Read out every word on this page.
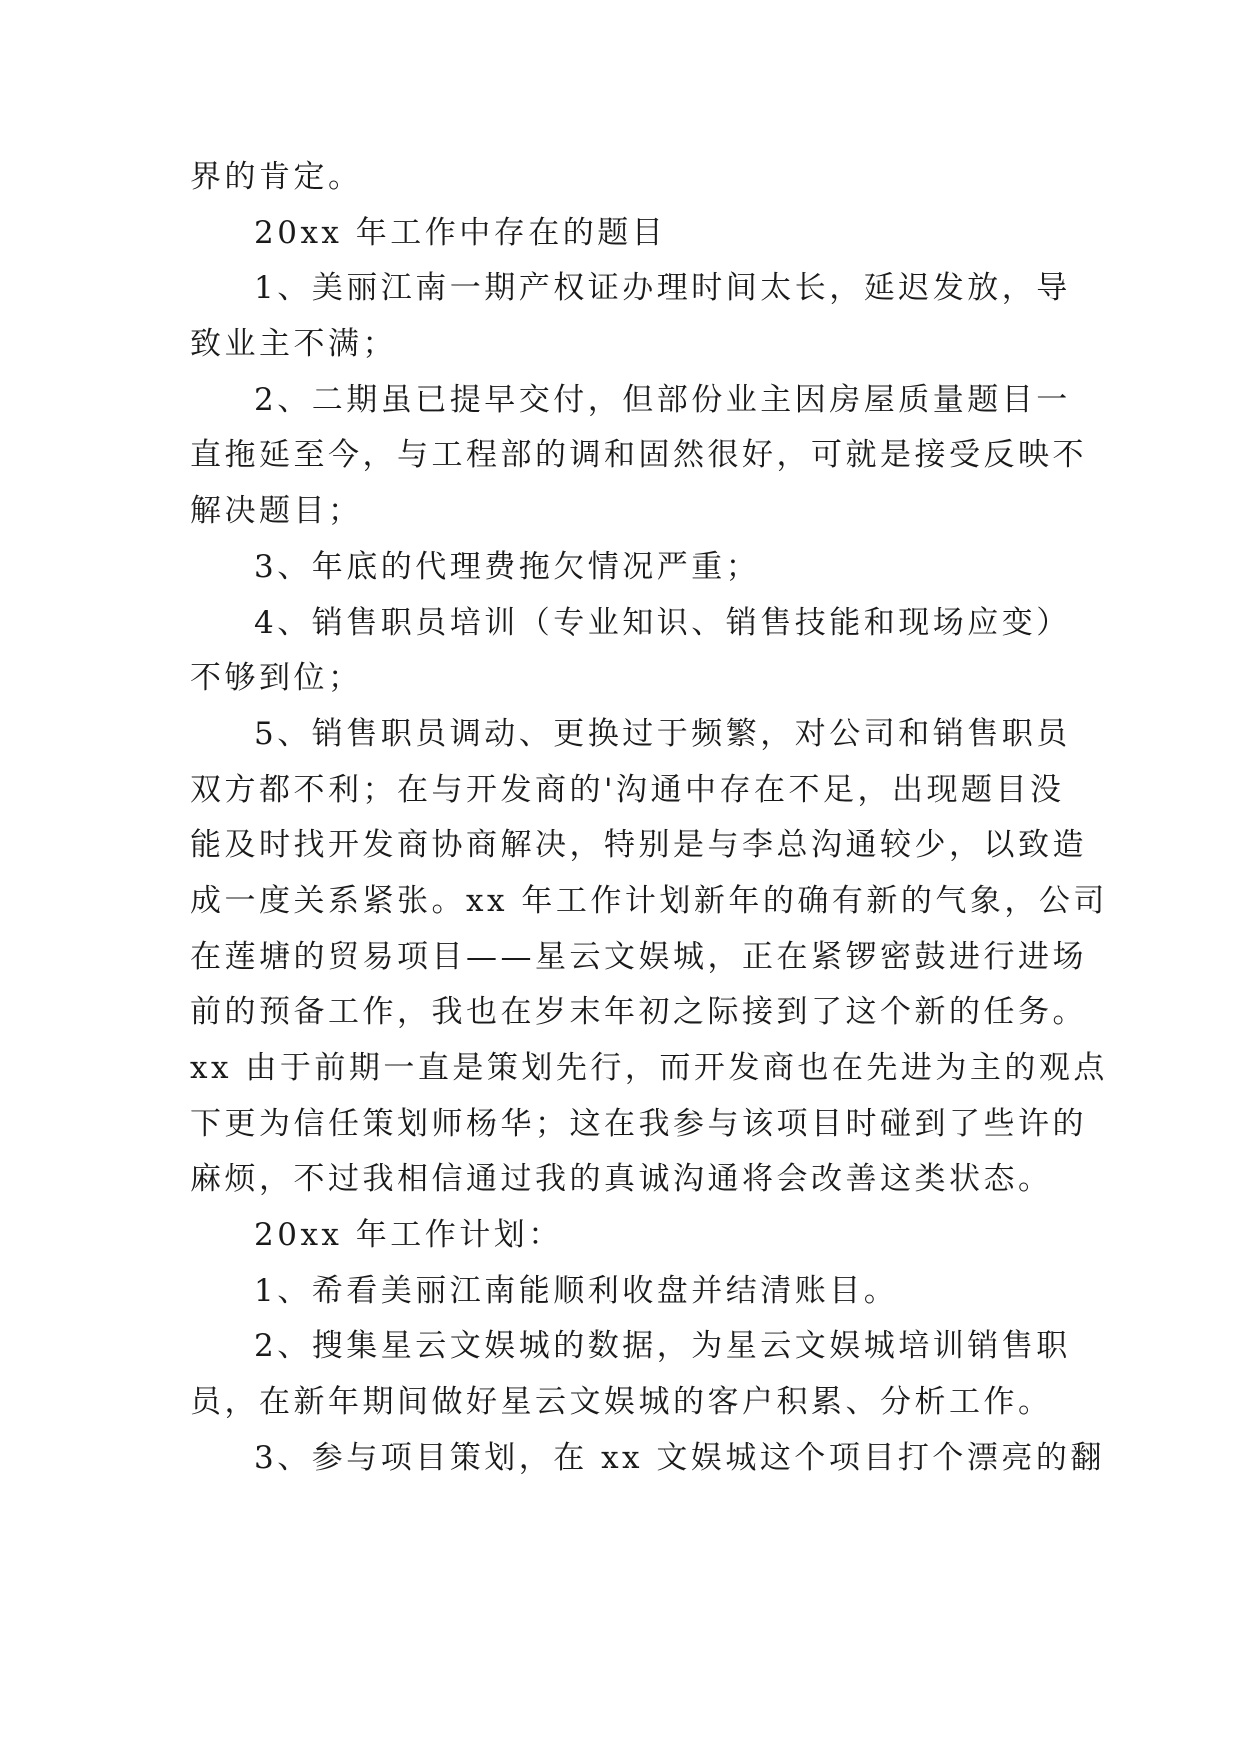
界的肯定。
20xx 年工作中存在的题目
1、美丽江南一期产权证办理时间太长，延迟发放，导
致业主不满；
2、二期虽已提早交付，但部份业主因房屋质量题目一
直拖延至今，与工程部的调和固然很好，可就是接受反映不
解决题目；
3、年底的代理费拖欠情况严重；
4、销售职员培训（专业知识、销售技能和现场应变）
不够到位；
5、销售职员调动、更换过于频繁，对公司和销售职员
双方都不利；在与开发商的'沟通中存在不足，出现题目没
能及时找开发商协商解决，特别是与李总沟通较少，以致造
成一度关系紧张。xx 年工作计划新年的确有新的气象，公司
在莲塘的贸易项目——星云文娱城，正在紧锣密鼓进行进场
前的预备工作，我也在岁末年初之际接到了这个新的任务。
xx 由于前期一直是策划先行，而开发商也在先进为主的观点
下更为信任策划师杨华；这在我参与该项目时碰到了些许的
麻烦，不过我相信通过我的真诚沟通将会改善这类状态。
20xx 年工作计划：
1、希看美丽江南能顺利收盘并结清账目。
2、搜集星云文娱城的数据，为星云文娱城培训销售职
员，在新年期间做好星云文娱城的客户积累、分析工作。
3、参与项目策划，在 xx 文娱城这个项目打个漂亮的翻
